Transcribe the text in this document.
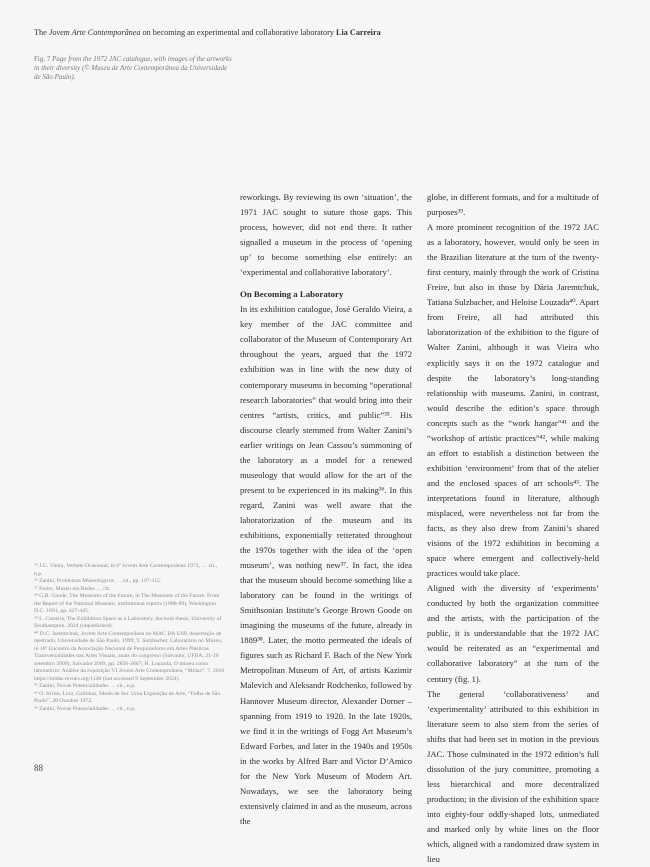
The Jovem Arte Contemporânea on becoming an experimental and collaborative laboratory Lia Carreira
Fig. 7 Page from the 1972 JAC catalogue, with images of the artworks in their diversity (© Museu de Arte Contemporânea da Universidade de São Paulo).

reworkings. By reviewing its own ‘situation’, the 1971 JAC sought to suture those gaps. This process, however, did not end there. It rather signalled a museum in the process of ‘opening up’ to become something else entirely: an ‘experimental and collaborative laboratory’.

On Becoming a Laboratory

In its exhibition catalogue, José Geraldo Vieira, a key member of the JAC committee and collaborator of the Museum of Contemporary Art throughout the years, argued that the 1972 exhibition was in line with the new duty of contemporary museums in becoming “operational research laboratories” that would bring into their centres “artists, critics, and public”³⁵. His discourse clearly stemmed from Walter Zanini’s earlier writings on Jean Cassou’s summoning of the laboratory as a model for a renewed museology that would allow for the art of the present to be experienced in its making³⁶. In this regard, Zanini was well aware that the laboratorization of the museum and its exhibitions, exponentially reiterated throughout the 1970s together with the idea of the ‘open museum’, was nothing new³⁷. In fact, the idea that the museum should become something like a laboratory can be found in the writings of Smithsonian Institute’s George Brown Goode on imagining the museums of the future, already in 1889³⁸. Later, the motto permeated the ideals of figures such as Richard F. Bach of the New York Metropolitan Museum of Art, of artists Kazimir Malevich and Aleksandr Rodchenko, followed by Hannover Museum director, Alexander Dorner – spanning from 1919 to 1920. In the late 1920s, we find it in the writings of Fogg Art Museum’s Edward Forbes, and later in the 1940s and 1950s in the works by Alfred Barr and Victor D’Amico for the New York Museum of Modern Art. Nowadays, we see the laboratory being extensively claimed in and as the museum, across the

globe, in different formats, and for a multitude of purposes³⁹.

A more prominent recognition of the 1972 JAC as a laboratory, however, would only be seen in the Brazilian literature at the turn of the twenty-first century, mainly through the work of Cristina Freire, but also in those by Dária Jaremtchuk, Tatiana Sulzbacher, and Heloise Louzada⁴⁰. Apart from Freire, all had attributed this laboratorization of the exhibition to the figure of Walter Zanini, although it was Vieira who explicitly says it on the 1972 catalogue and despite the laboratory’s long-standing relationship with museums. Zanini, in contrast, would describe the edition’s space through concepts such as the “work hangar”⁴¹ and the “workshop of artistic practices”⁴², while making an effort to establish a distinction between the exhibition ‘environment’ from that of the atelier and the enclosed spaces of art schools⁴³. The interpretations found in literature, although misplaced, were nevertheless not far from the facts, as they also drew from Zanini’s shared visions of the 1972 exhibition in becoming a space where emergent and collectively-held practices would take place.

Aligned with the diversity of ‘experiments’ conducted by both the organization committee and the artists, with the participation of the public, it is understandable that the 1972 JAC would be reiterated as an “experimental and collaborative laboratory” at the turn of the century (fig. 1).

The general ‘collaborativeness’ and ‘experimentality’ attributed to this exhibition in literature seem to also stem from the series of shifts that had been set in motion in the previous JAC. Those culminated in the 1972 edition’s full dissolution of the jury committee, promoting a less hierarchical and more decentralized production; in the division of the exhibition space into eighty-four oddly-shaped lots, unmediated and marked only by white lines on the floor which, aligned with a randomized draw system in lieu

³⁵ J.G. Vieira, Verbete Ocasional, in 6ª Jovem Arte Contemporânea 1972, … cit., n.p.

³⁶ Zanini, Problemas Museológicos … cit., pp. 107-115.

³⁷ Freire, Museu em Redes … cit.

³⁸ G.B. Goode, The Museums of the Future, in The Museums of the Future. From the Report of the National Museum, institutional reports (1888-89), Washington D.C. 1891, pp. 427-445.

³⁹ L. Carreira, The Exhibition Space as a Laboratory, doctoral thesis, University of Southampton, 2024 (unpublished).

⁴⁰ D.C. Jaremtchuk, Jovem Arte Contemporânea no MAC DA USP, dissertação de mestrado, Universidade de São Paulo, 1999; T. Sulzbacher, Laboratório no Museu, in 18º Encontro da Associação Nacional de Pesquisadores em Artes Plásticas Transversalidades nas Artes Visuais, anais do congresso (Salvador, UFBA, 21-26 setembro 2009), Salvador 2009, pp. 2856-2867; H. Louzada, O museu como laboratório: Análise da exposição VI Jovem Arte Contemporânea, “Midas”, 7, 2016 https://midas.revues.org/1140 (last accessed 9 September 2024).

⁴¹ Zanini, Novas Potencialidades … cit., n.p.

⁴² O. Krüse, Lixo, Galinhas, Modo de Ser. Uma Exposição de Arte, “Folha de São Paulo”, 28 Outubro 1972.

⁴³ Zanini, Novas Potencialidades … cit., n.p.

88
